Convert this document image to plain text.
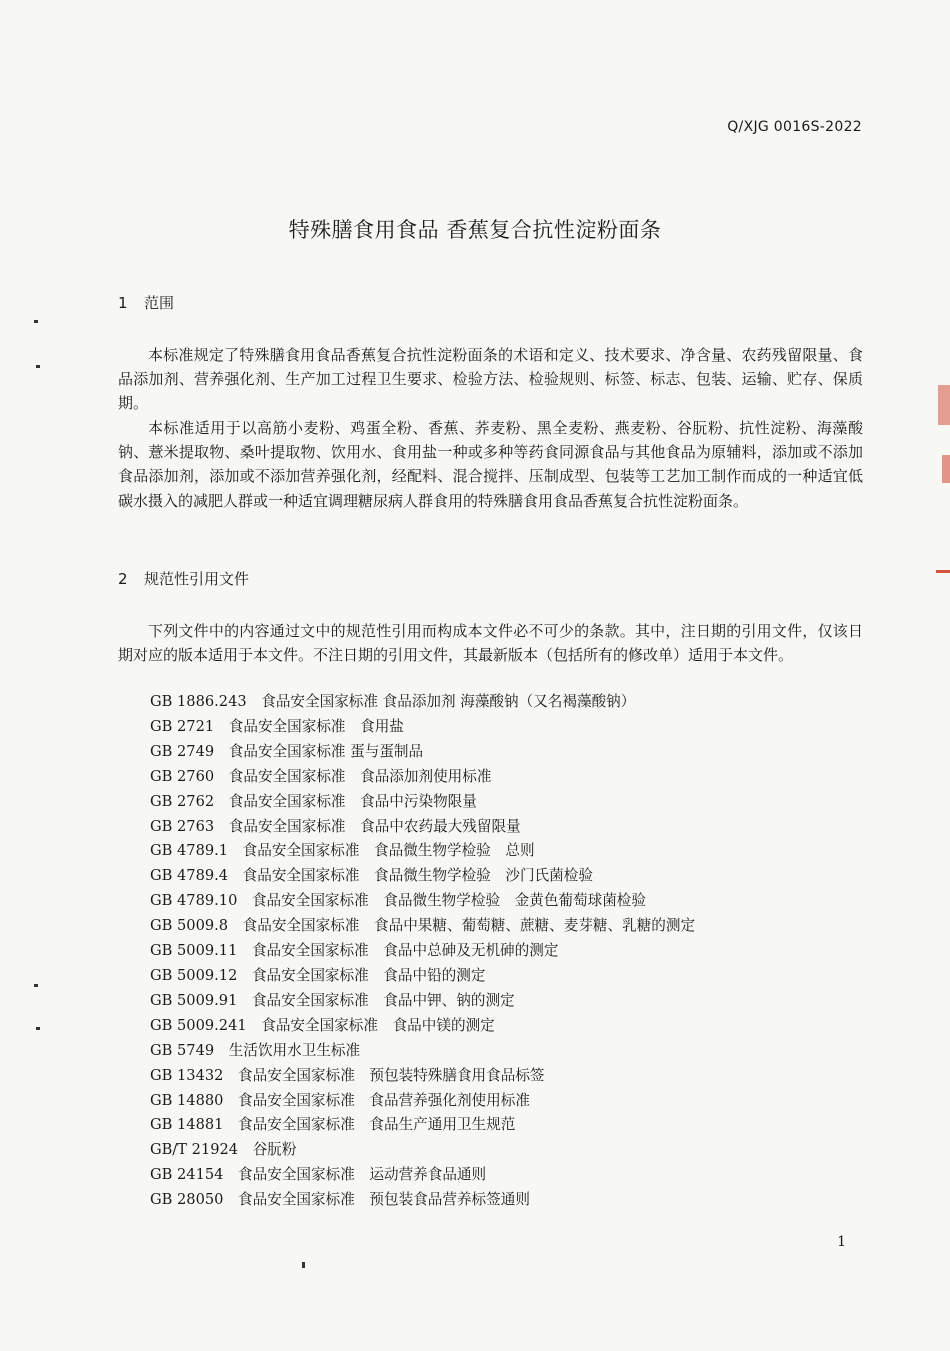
Q/XJG 0016S-2022
特殊膳食用食品 香蕉复合抗性淀粉面条
1 范围

本标准规定了特殊膳食用食品香蕉复合抗性淀粉面条的术语和定义、技术要求、净含量、农药残留限量、食品添加剂、营养强化剂、生产加工过程卫生要求、检验方法、检验规则、标签、标志、包装、运输、贮存、保质期。

本标准适用于以高筋小麦粉、鸡蛋全粉、香蕉、荞麦粉、黑全麦粉、燕麦粉、谷朊粉、抗性淀粉、海藻酸钠、薏米提取物、桑叶提取物、饮用水、食用盐一种或多种等药食同源食品与其他食品为原辅料，添加或不添加食品添加剂，添加或不添加营养强化剂，经配料、混合搅拌、压制成型、包装等工艺加工制作而成的一种适宜低碳水摄入的减肥人群或一种适宜调理糖尿病人群食用的特殊膳食用食品香蕉复合抗性淀粉面条。

2 规范性引用文件

下列文件中的内容通过文中的规范性引用而构成本文件必不可少的条款。其中，注日期的引用文件，仅该日期对应的版本适用于本文件。不注日期的引用文件，其最新版本（包括所有的修改单）适用于本文件。

GB 1886.243　食品安全国家标准 食品添加剂 海藻酸钠（又名褐藻酸钠）
GB 2721　食品安全国家标准　食用盐
GB 2749　食品安全国家标准 蛋与蛋制品
GB 2760　食品安全国家标准　食品添加剂使用标准
GB 2762　食品安全国家标准　食品中污染物限量
GB 2763　食品安全国家标准　食品中农药最大残留限量
GB 4789.1　食品安全国家标准　食品微生物学检验　总则
GB 4789.4　食品安全国家标准　食品微生物学检验　沙门氏菌检验
GB 4789.10　食品安全国家标准　食品微生物学检验　金黄色葡萄球菌检验
GB 5009.8　食品安全国家标准　食品中果糖、葡萄糖、蔗糖、麦芽糖、乳糖的测定
GB 5009.11　食品安全国家标准　食品中总砷及无机砷的测定
GB 5009.12　食品安全国家标准　食品中铅的测定
GB 5009.91　食品安全国家标准　食品中钾、钠的测定
GB 5009.241　食品安全国家标准　食品中镁的测定
GB 5749　生活饮用水卫生标准
GB 13432　食品安全国家标准　预包装特殊膳食用食品标签
GB 14880　食品安全国家标准　食品营养强化剂使用标准
GB 14881　食品安全国家标准　食品生产通用卫生规范
GB/T 21924　谷朊粉
GB 24154　食品安全国家标准　运动营养食品通则
GB 28050　食品安全国家标准　预包装食品营养标签通则
1
